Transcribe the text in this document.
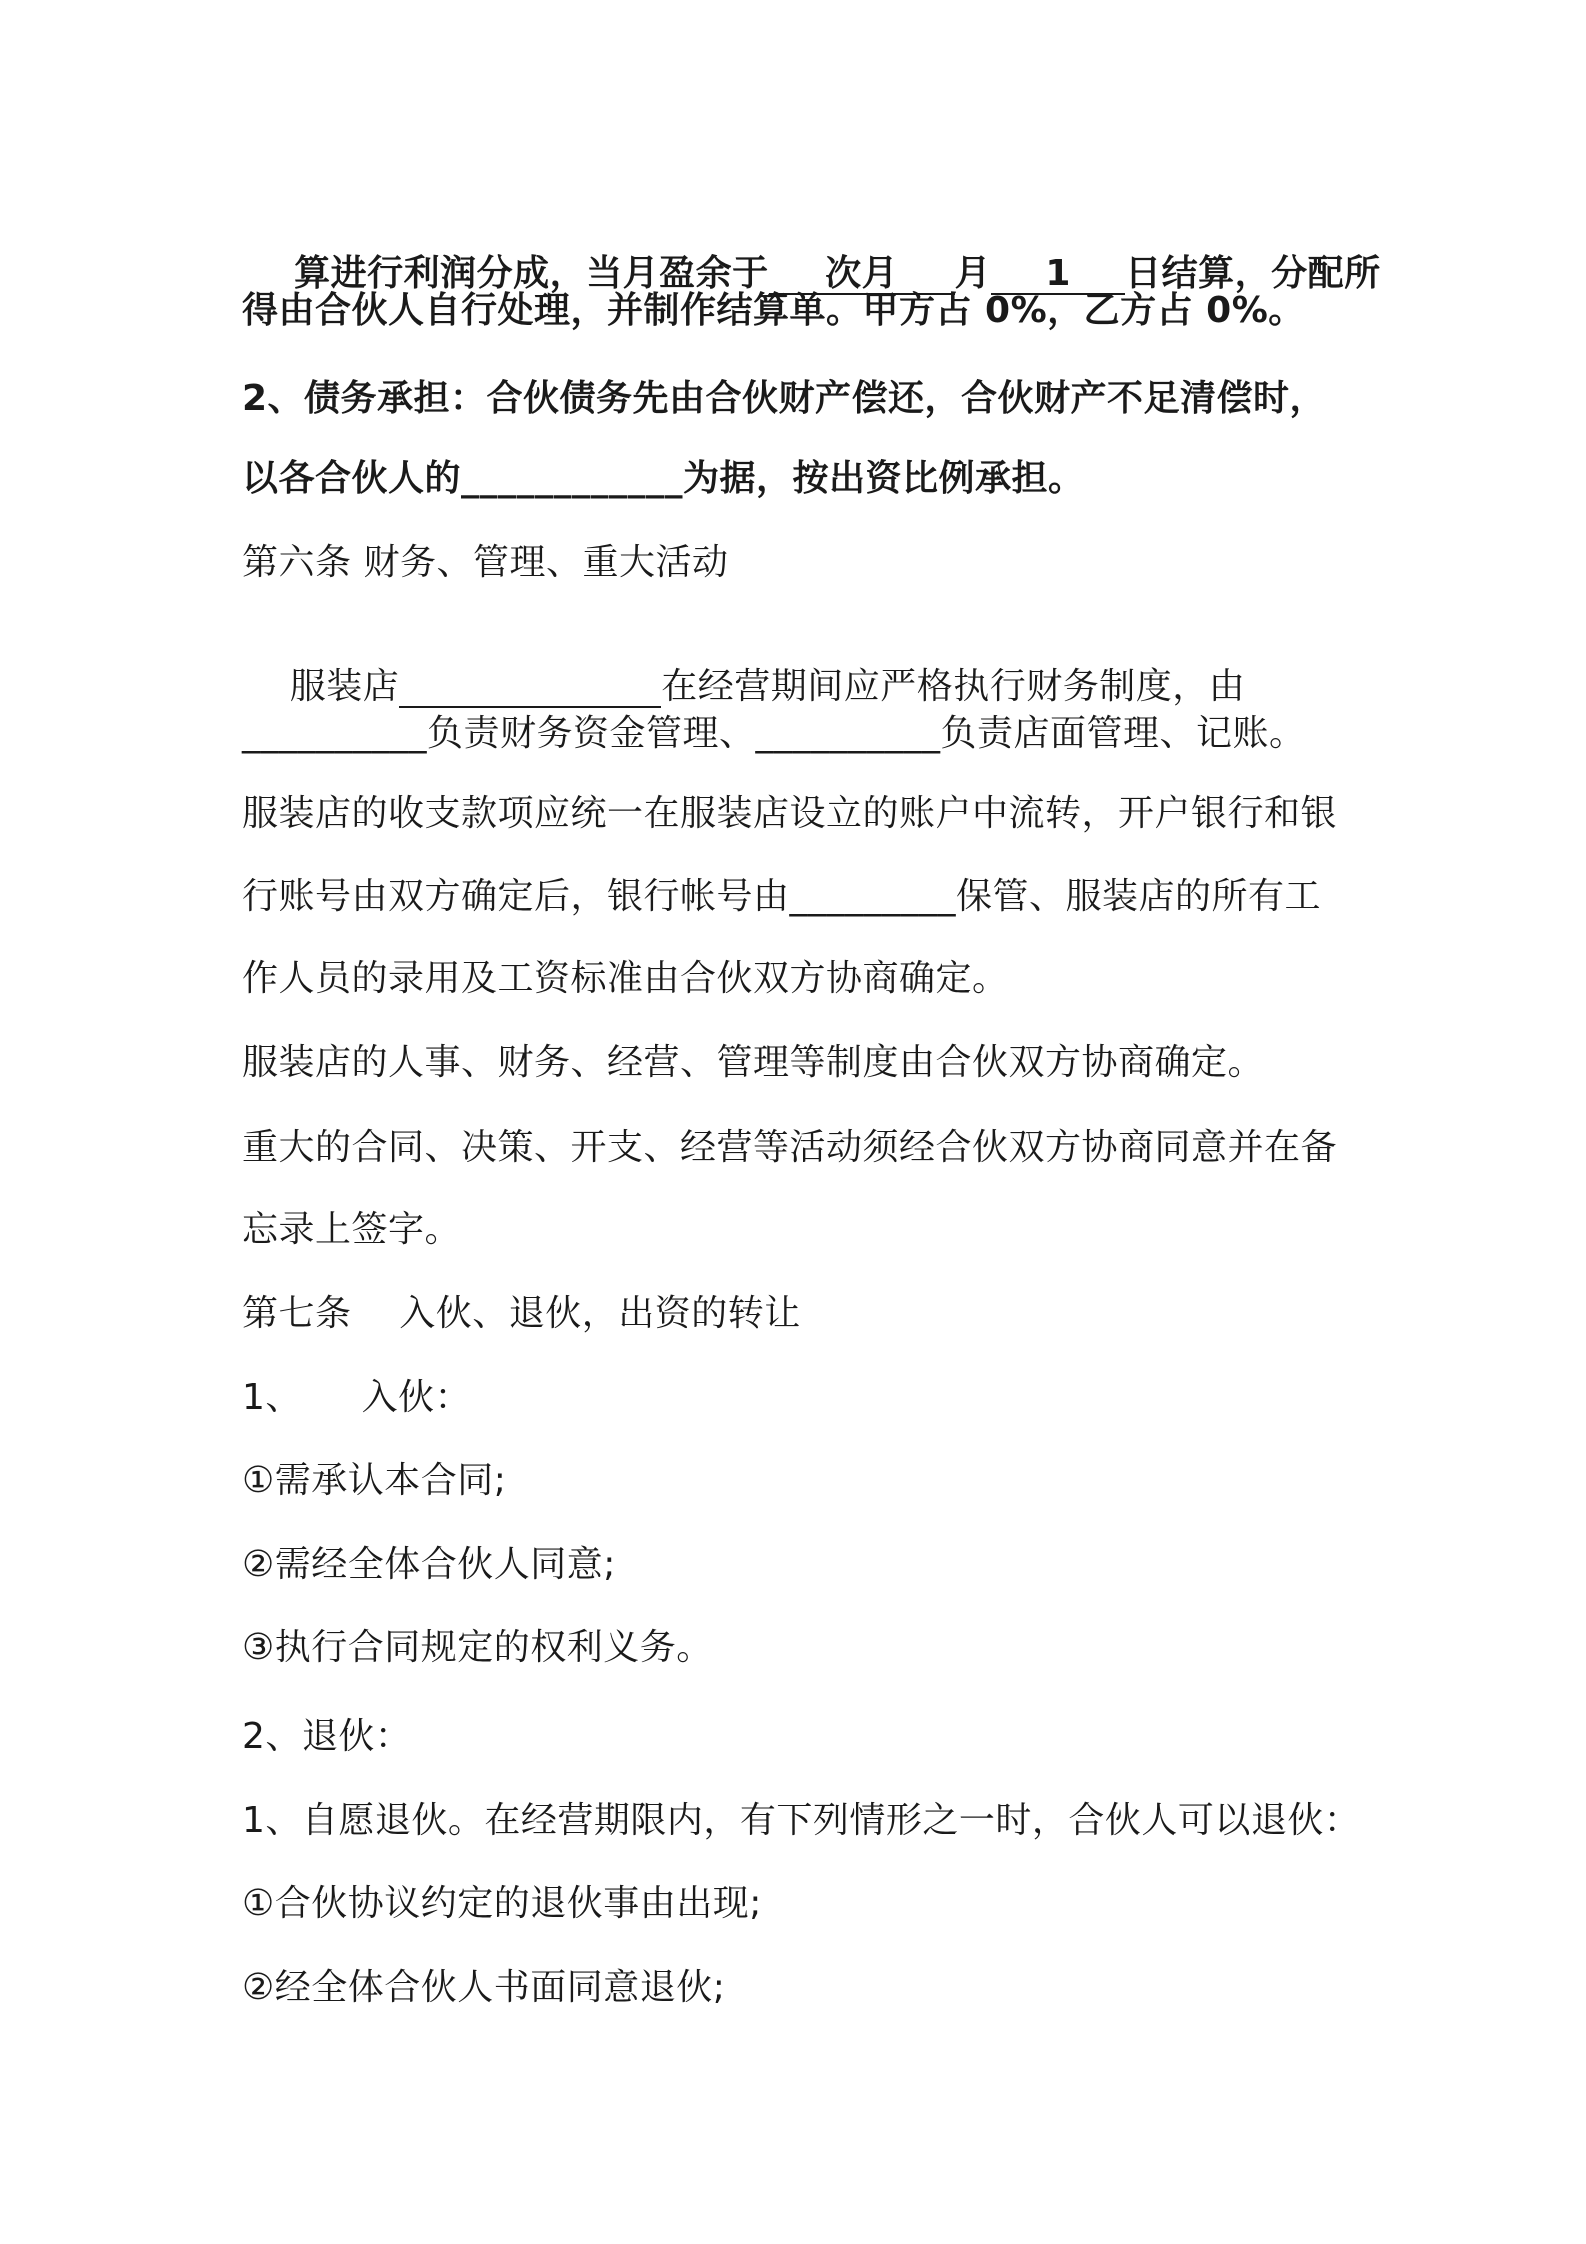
算进行利润分成，当月盈余于 次月 月 1 日结算，分配所

得由合伙人自行处理，并制作结算单。甲方占 0%，乙方占 0%。
2、债务承担：合伙债务先由合伙财产偿还，合伙财产不足清偿时，
以各合伙人的____________为据，按出资比例承担。
第六条 财务、管理、重大活动

服装店	在经营期间应严格执行财务制度，由

__________负责财务资金管理、__________负责店面管理、记账。
服装店的收支款项应统一在服装店设立的账户中流转，开户银行和银
行账号由双方确定后，银行帐号由_________保管、服装店的所有工
作人员的录用及工资标准由合伙双方协商确定。
服装店的人事、财务、经营、管理等制度由合伙双方协商确定。
重大的合同、决策、开支、经营等活动须经合伙双方协商同意并在备
忘录上签字。
第七条    入伙、退伙，出资的转让
1、     入伙：
①需承认本合同;
②需经全体合伙人同意;
③执行合同规定的权利义务。
2、退伙：
1、自愿退伙。在经营期限内，有下列情形之一时，合伙人可以退伙：
①合伙协议约定的退伙事由出现;
②经全体合伙人书面同意退伙;
